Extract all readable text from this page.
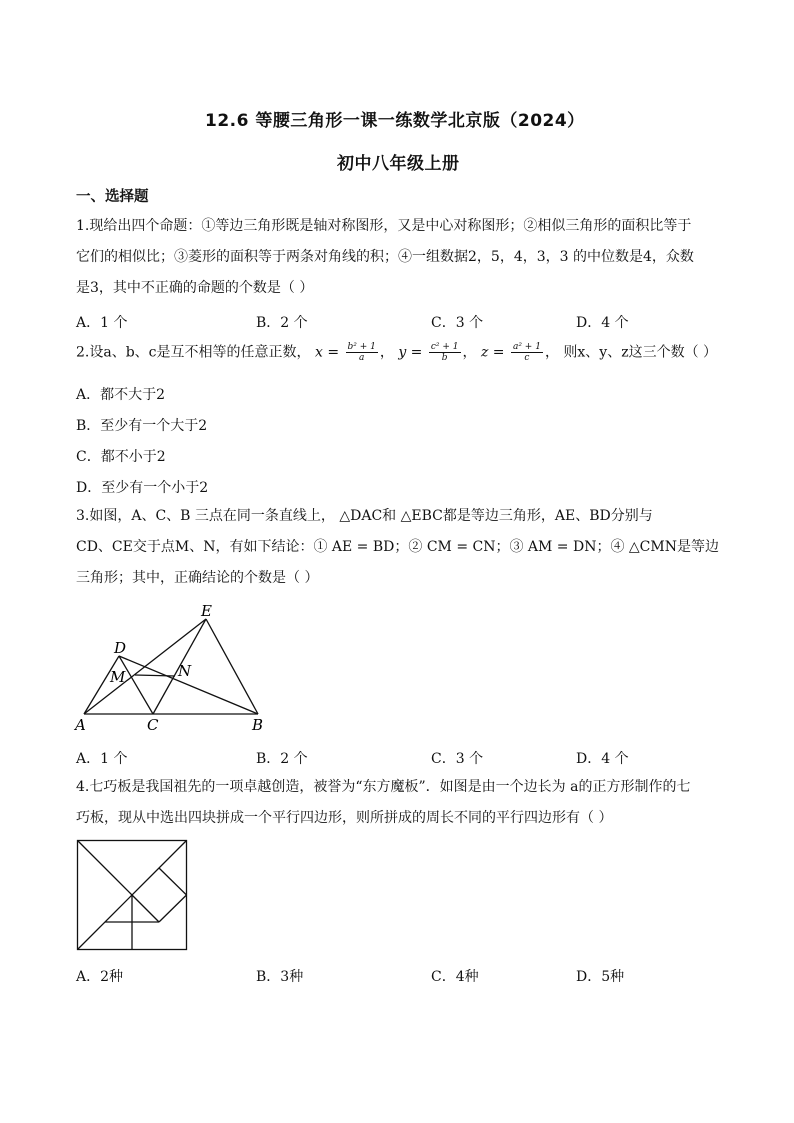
12.6 等腰三角形一课一练数学北京版（2024）
初中八年级上册
一、选择题
1.现给出四个命题：①等边三角形既是轴对称图形，又是中心对称图形；②相似三角形的面积比等于
它们的相似比；③菱形的面积等于两条对角线的积；④一组数据2，5，4，3，3 的中位数是4，众数
是3，其中不正确的命题的个数是（ ）
A．1 个	B．2 个	C．3 个	D．4 个
2.设a、b、c是互不相等的任意正数， $x = \frac{\text{b² + 1}}{a}$ ， $y = \frac{\text{c² + 1}}{b}$ ， $z = \frac{\text{a² + 1}}{c}$ ， 则x、y、z这三个数（ ）
A．都不大于2
B．至少有一个大于2
C．都不小于2
D．至少有一个小于2
3.如图，A、C、B 三点在同一条直线上， △DAC和 △EBC都是等边三角形，AE、BD分别与
CD、CE交于点M、N，有如下结论：① AE = BD；② CM = CN；③ AM = DN；④ △CMN是等边
三角形；其中，正确结论的个数是（ ）
E
D
M	N
A	C	B
A．1 个	B．2 个	C．3 个	D．4 个
4.七巧板是我国祖先的一项卓越创造，被誉为“东方魔板”．如图是由一个边长为 a的正方形制作的七
巧板，现从中选出四块拼成一个平行四边形，则所拼成的周长不同的平行四边形有（ ）
A．2种	B．3种	C．4种	D．5种
